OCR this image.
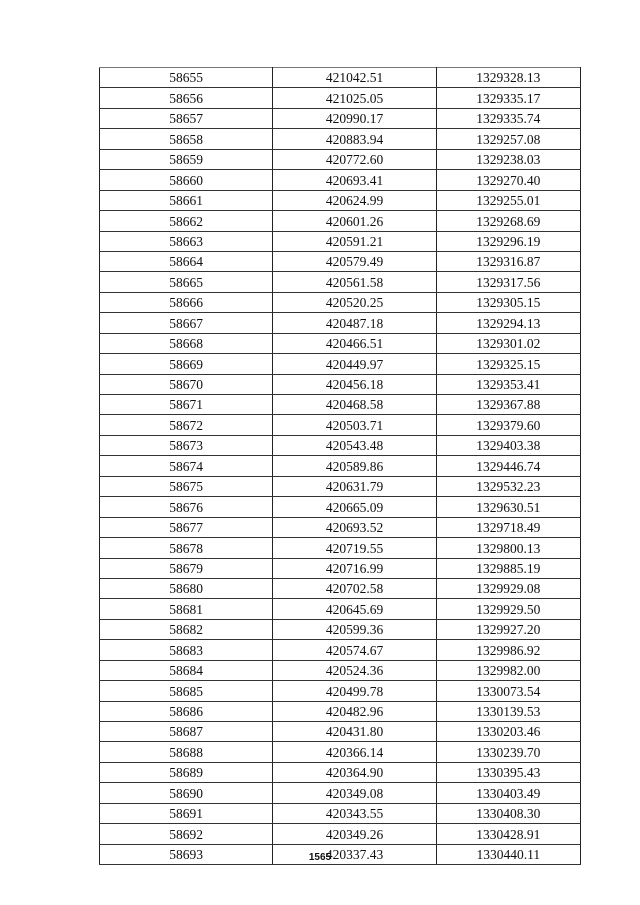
58655	421042.51	1329328.13
58656	421025.05	1329335.17
58657	420990.17	1329335.74
58658	420883.94	1329257.08
58659	420772.60	1329238.03
58660	420693.41	1329270.40
58661	420624.99	1329255.01
58662	420601.26	1329268.69
58663	420591.21	1329296.19
58664	420579.49	1329316.87
58665	420561.58	1329317.56
58666	420520.25	1329305.15
58667	420487.18	1329294.13
58668	420466.51	1329301.02
58669	420449.97	1329325.15
58670	420456.18	1329353.41
58671	420468.58	1329367.88
58672	420503.71	1329379.60
58673	420543.48	1329403.38
58674	420589.86	1329446.74
58675	420631.79	1329532.23
58676	420665.09	1329630.51
58677	420693.52	1329718.49
58678	420719.55	1329800.13
58679	420716.99	1329885.19
58680	420702.58	1329929.08
58681	420645.69	1329929.50
58682	420599.36	1329927.20
58683	420574.67	1329986.92
58684	420524.36	1329982.00
58685	420499.78	1330073.54
58686	420482.96	1330139.53
58687	420431.80	1330203.46
58688	420366.14	1330239.70
58689	420364.90	1330395.43
58690	420349.08	1330403.49
58691	420343.55	1330408.30
58692	420349.26	1330428.91
58693	420337.43	1330440.11
1565
